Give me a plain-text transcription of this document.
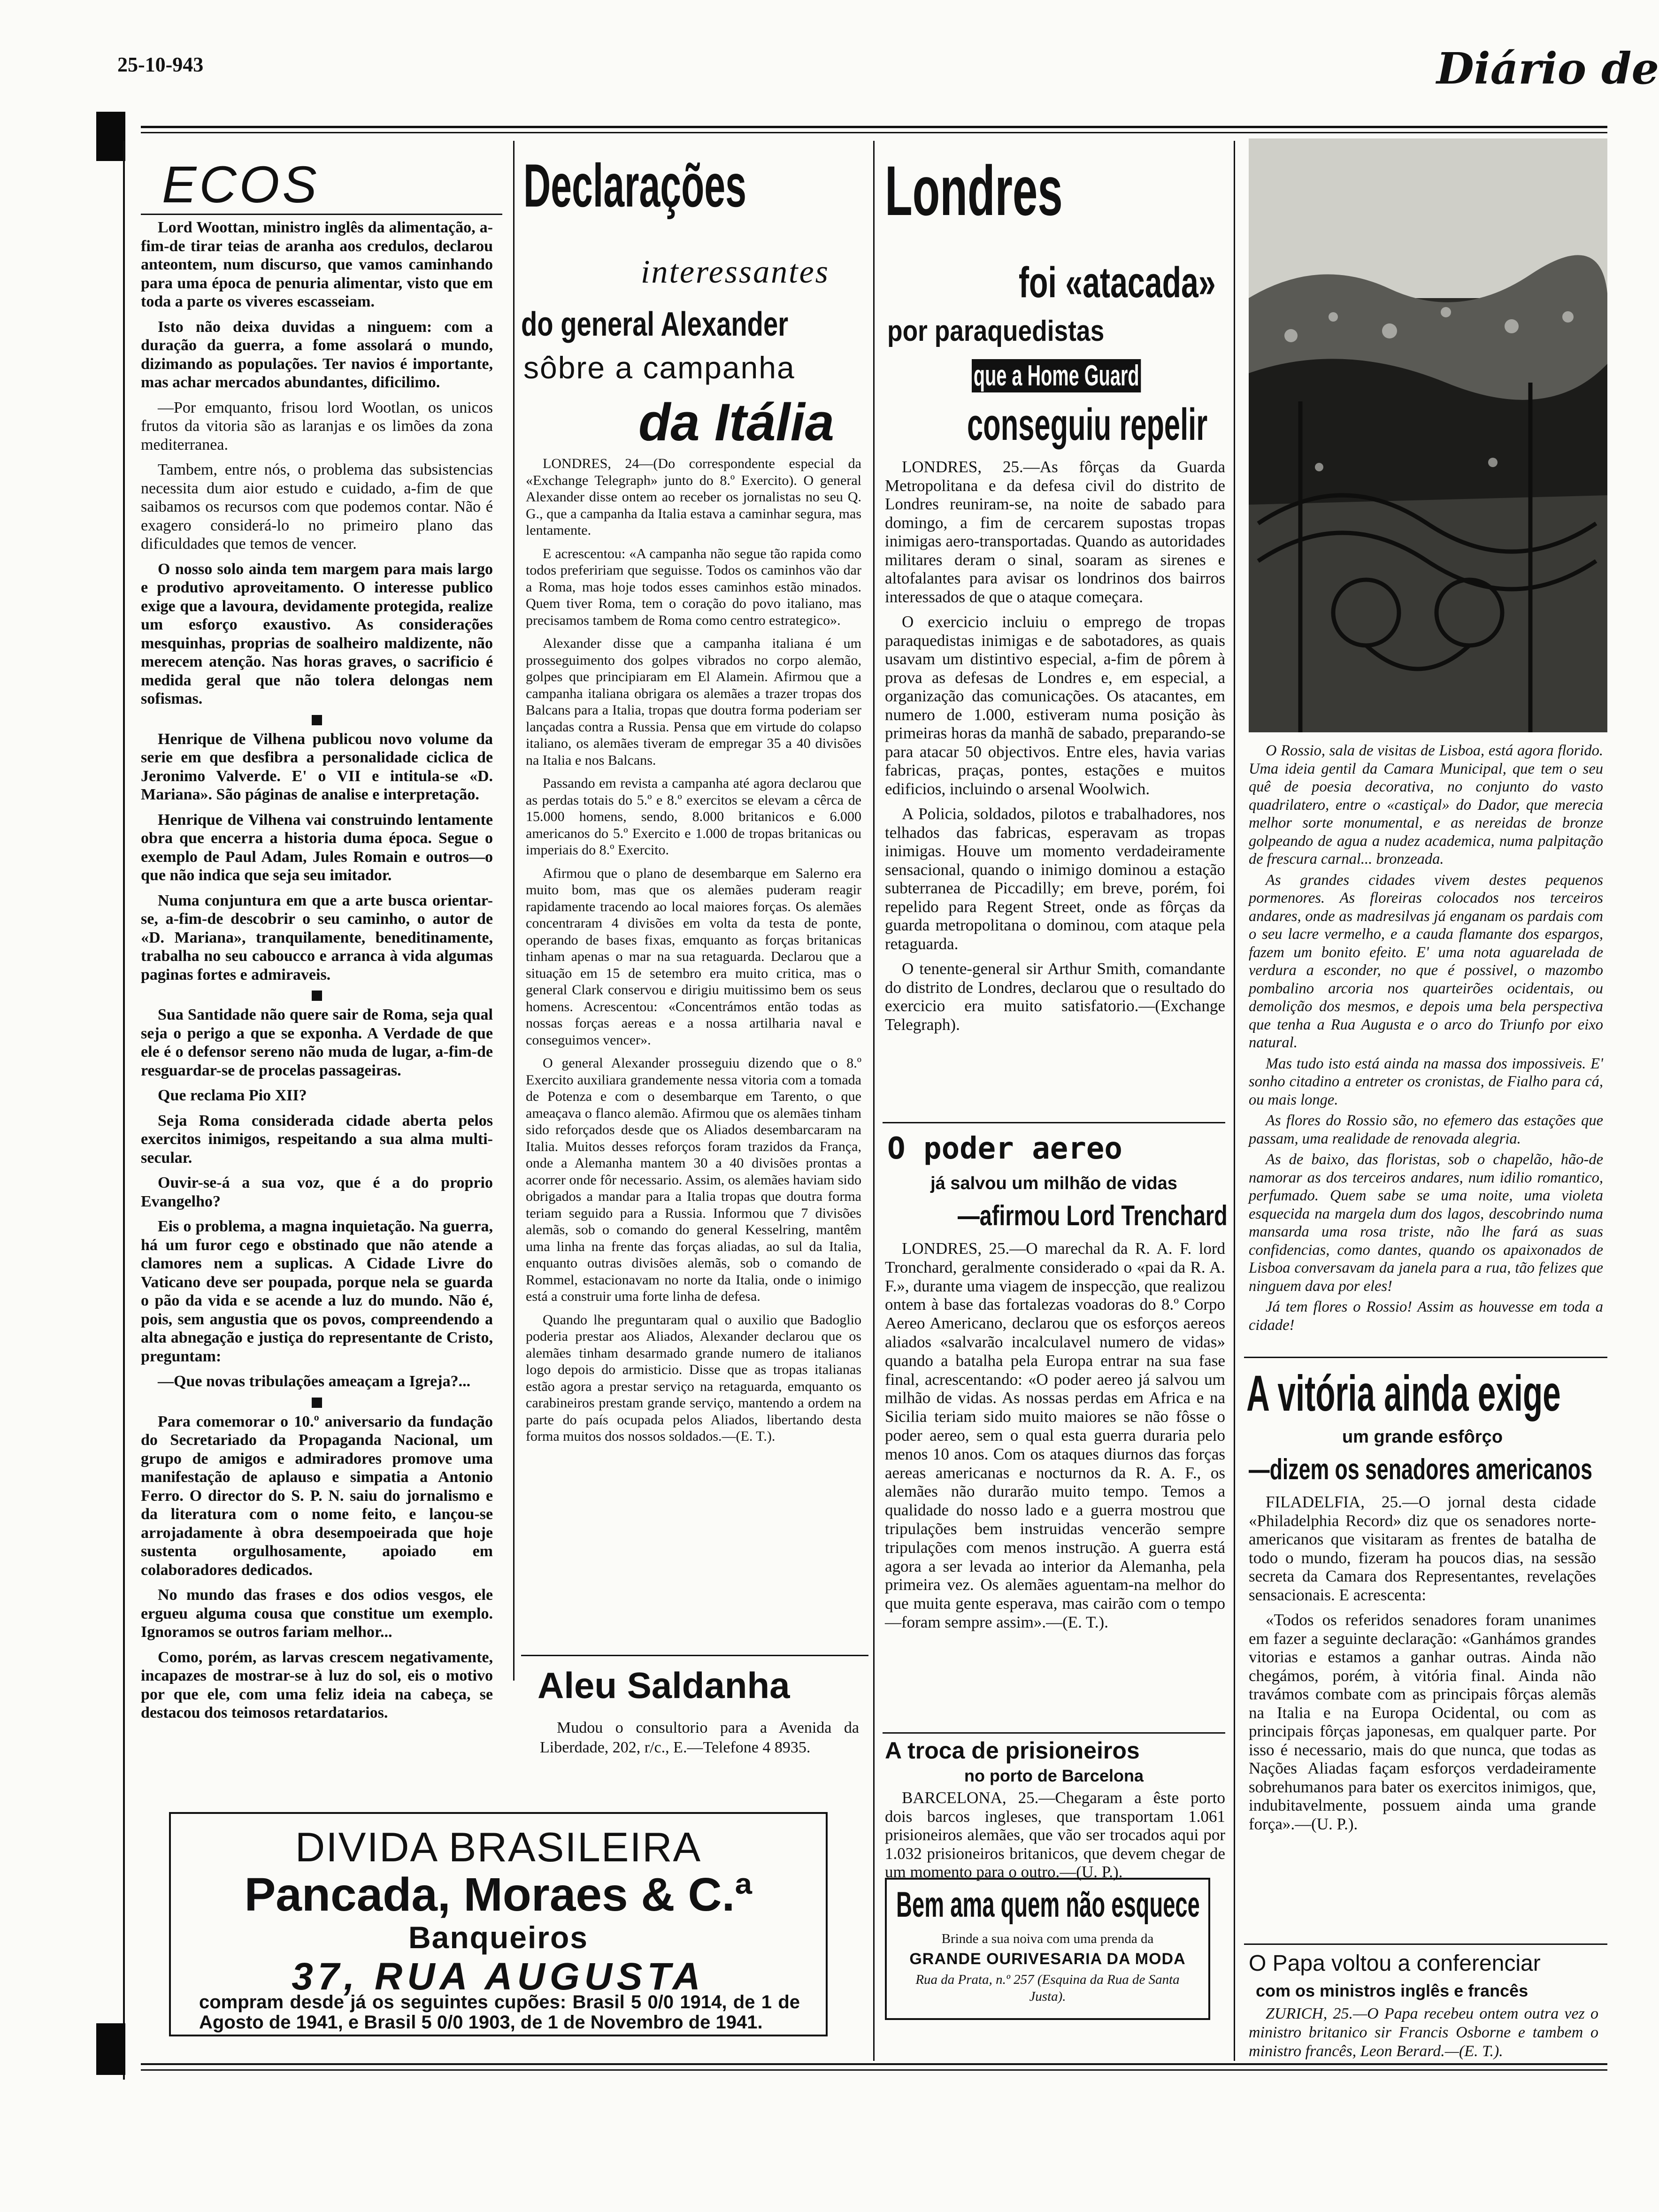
25-10-943	Diário de
ECOS

Lord Woottan, ministro inglês da alimentação, a-fim-de tirar teias de aranha aos credulos, declarou anteontem, num discurso, que vamos caminhando para uma época de penuria alimentar, visto que em toda a parte os viveres escasseiam.

Isto não deixa duvidas a ninguem: com a duração da guerra, a fome assolará o mundo, dizimando as populações. Ter navios é importante, mas achar mercados abundantes, dificilimo.

—Por emquanto, frisou lord Wootlan, os unicos frutos da vitoria são as laranjas e os limões da zona mediterranea.

Tambem, entre nós, o problema das subsistencias necessita dum aior estudo e cuidado, a-fim de que saibamos os recursos com que podemos contar. Não é exagero considerá-lo no primeiro plano das dificuldades que temos de vencer.

O nosso solo ainda tem margem para mais largo e produtivo aproveitamento. O interesse publico exige que a lavoura, devidamente protegida, realize um esforço exaustivo. As considerações mesquinhas, proprias de soalheiro maldizente, não merecem atenção. Nas horas graves, o sacrificio é medida geral que não tolera delongas nem sofismas.

Henrique de Vilhena publicou novo volume da serie em que desfibra a personalidade ciclica de Jeronimo Valverde. E' o VII e intitula-se «D. Mariana». São páginas de analise e interpretação.

Henrique de Vilhena vai construindo lentamente obra que encerra a historia duma época. Segue o exemplo de Paul Adam, Jules Romain e outros—o que não indica que seja seu imitador.

Numa conjuntura em que a arte busca orientar-se, a-fim-de descobrir o seu caminho, o autor de «D. Mariana», tranquilamente, beneditinamente, trabalha no seu caboucco e arranca à vida algumas paginas fortes e admiraveis.

Sua Santidade não quere sair de Roma, seja qual seja o perigo a que se exponha. A Verdade de que ele é o defensor sereno não muda de lugar, a-fim-de resguardar-se de procelas passageiras.

Que reclama Pio XII?

Seja Roma considerada cidade aberta pelos exercitos inimigos, respeitando a sua alma multi-secular.

Ouvir-se-á a sua voz, que é a do proprio Evangelho?

Eis o problema, a magna inquietação. Na guerra, há um furor cego e obstinado que não atende a clamores nem a suplicas. A Cidade Livre do Vaticano deve ser poupada, porque nela se guarda o pão da vida e se acende a luz do mundo. Não é, pois, sem angustia que os povos, compreendendo a alta abnegação e justiça do representante de Cristo, preguntam:

—Que novas tribulações ameaçam a Igreja?...

Para comemorar o 10.º aniversario da fundação do Secretariado da Propaganda Nacional, um grupo de amigos e admiradores promove uma manifestação de aplauso e simpatia a Antonio Ferro. O director do S. P. N. saiu do jornalismo e da literatura com o nome feito, e lançou-se arrojadamente à obra desempoeirada que hoje sustenta orgulhosamente, apoiado em colaboradores dedicados.

No mundo das frases e dos odios vesgos, ele ergueu alguma cousa que constitue um exemplo. Ignoramos se outros fariam melhor...

Como, porém, as larvas crescem negativamente, incapazes de mostrar-se à luz do sol, eis o motivo por que ele, com uma feliz ideia na cabeça, se destacou dos teimosos retardatarios.

Declarações
interessantes
do general Alexander
sôbre a campanha
da Itália

LONDRES, 24—(Do correspondente especial da «Exchange Telegraph» junto do 8.º Exercito). O general Alexander disse ontem ao receber os jornalistas no seu Q. G., que a campanha da Italia estava a caminhar segura, mas lentamente.

E acrescentou: «A campanha não segue tão rapida como todos prefeririam que seguisse. Todos os caminhos vão dar a Roma, mas hoje todos esses caminhos estão minados. Quem tiver Roma, tem o coração do povo italiano, mas precisamos tambem de Roma como centro estrategico».

Alexander disse que a campanha italiana é um prosseguimento dos golpes vibrados no corpo alemão, golpes que principiaram em El Alamein. Afirmou que a campanha italiana obrigara os alemães a trazer tropas dos Balcans para a Italia, tropas que doutra forma poderiam ser lançadas contra a Russia. Pensa que em virtude do colapso italiano, os alemães tiveram de empregar 35 a 40 divisões na Italia e nos Balcans.

Passando em revista a campanha até agora declarou que as perdas totais do 5.º e 8.º exercitos se elevam a cêrca de 15.000 homens, sendo, 8.000 britanicos e 6.000 americanos do 5.º Exercito e 1.000 de tropas britanicas ou imperiais do 8.º Exercito.

Afirmou que o plano de desembarque em Salerno era muito bom, mas que os alemães puderam reagir rapidamente tracendo ao local maiores forças. Os alemães concentraram 4 divisões em volta da testa de ponte, operando de bases fixas, emquanto as forças britanicas tinham apenas o mar na sua retaguarda. Declarou que a situação em 15 de setembro era muito critica, mas o general Clark conservou e dirigiu muitissimo bem os seus homens. Acrescentou: «Concentrámos então todas as nossas forças aereas e a nossa artilharia naval e conseguimos vencer».

O general Alexander prosseguiu dizendo que o 8.º Exercito auxiliara grandemente nessa vitoria com a tomada de Potenza e com o desembarque em Tarento, o que ameaçava o flanco alemão. Afirmou que os alemães tinham sido reforçados desde que os Aliados desembarcaram na Italia. Muitos desses reforços foram trazidos da França, onde a Alemanha mantem 30 a 40 divisões prontas a acorrer onde fôr necessario. Assim, os alemães haviam sido obrigados a mandar para a Italia tropas que doutra forma teriam seguido para a Russia. Informou que 7 divisões alemãs, sob o comando do general Kesselring, mantêm uma linha na frente das forças aliadas, ao sul da Italia, enquanto outras divisões alemãs, sob o comando de Rommel, estacionavam no norte da Italia, onde o inimigo está a construir uma forte linha de defesa.

Quando lhe preguntaram qual o auxilio que Badoglio poderia prestar aos Aliados, Alexander declarou que os alemães tinham desarmado grande numero de italianos logo depois do armisticio. Disse que as tropas italianas estão agora a prestar serviço na retaguarda, emquanto os carabineiros prestam grande serviço, mantendo a ordem na parte do país ocupada pelos Aliados, libertando desta forma muitos dos nossos soldados.—(E. T.).

Aleu Saldanha

Mudou o consultorio para a Avenida da Liberdade, 202, r/c., E.—Telefone 4 8935.

DIVIDA BRASILEIRA
Pancada, Moraes & C.ª
Banqueiros
37, RUA AUGUSTA
compram desde já os seguintes cupões: Brasil 5 0/0 1914, de 1 de Agosto de 1941, e Brasil 5 0/0 1903, de 1 de Novembro de 1941.
Londres
foi «atacada»
por paraquedistas
que a Home Guard
conseguiu repelir

LONDRES, 25.—As fôrças da Guarda Metropolitana e da defesa civil do distrito de Londres reuniram-se, na noite de sabado para domingo, a fim de cercarem supostas tropas inimigas aero-transportadas. Quando as autoridades militares deram o sinal, soaram as sirenes e altofalantes para avisar os londrinos dos bairros interessados de que o ataque começara.

O exercicio incluiu o emprego de tropas paraquedistas inimigas e de sabotadores, as quais usavam um distintivo especial, a-fim de pôrem à prova as defesas de Londres e, em especial, a organização das comunicações. Os atacantes, em numero de 1.000, estiveram numa posição às primeiras horas da manhã de sabado, preparando-se para atacar 50 objectivos. Entre eles, havia varias fabricas, praças, pontes, estações e muitos edificios, incluindo o arsenal Woolwich.

A Policia, soldados, pilotos e trabalhadores, nos telhados das fabricas, esperavam as tropas inimigas. Houve um momento verdadeiramente sensacional, quando o inimigo dominou a estação subterranea de Piccadilly; em breve, porém, foi repelido para Regent Street, onde as fôrças da guarda metropolitana o dominou, com ataque pela retaguarda.

O tenente-general sir Arthur Smith, comandante do distrito de Londres, declarou que o resultado do exercicio era muito satisfatorio.—(Exchange Telegraph).

O poder aereo
já salvou um milhão de vidas
—afirmou Lord Trenchard

LONDRES, 25.—O marechal da R. A. F. lord Tronchard, geralmente considerado o «pai da R. A. F.», durante uma viagem de inspecção, que realizou ontem à base das fortalezas voadoras do 8.º Corpo Aereo Americano, declarou que os esforços aereos aliados «salvarão incalculavel numero de vidas» quando a batalha pela Europa entrar na sua fase final, acrescentando: «O poder aereo já salvou um milhão de vidas. As nossas perdas em Africa e na Sicilia teriam sido muito maiores se não fôsse o poder aereo, sem o qual esta guerra duraria pelo menos 10 anos. Com os ataques diurnos das forças aereas americanas e nocturnos da R. A. F., os alemães não durarão muito tempo. Temos a qualidade do nosso lado e a guerra mostrou que tripulações bem instruidas vencerão sempre tripulações com menos instrução. A guerra está agora a ser levada ao interior da Alemanha, pela primeira vez. Os alemães aguentam-na melhor do que muita gente esperava, mas cairão com o tempo—foram sempre assim».—(E. T.).

A troca de prisioneiros
no porto de Barcelona

BARCELONA, 25.—Chegaram a êste porto dois barcos ingleses, que transportam 1.061 prisioneiros alemães, que vão ser trocados aqui por 1.032 prisioneiros britanicos, que devem chegar de um momento para o outro.—(U. P.).

Bem ama quem não esquece
Brinde a sua noiva com uma prenda da
GRANDE OURIVESARIA DA MODA
Rua da Prata, n.º 257 (Esquina da Rua de Santa Justa).

O Rossio, sala de visitas de Lisboa, está agora florido. Uma ideia gentil da Camara Municipal, que tem o seu quê de poesia decorativa, no conjunto do vasto quadrilatero, entre o «castiçal» do Dador, que merecia melhor sorte monumental, e as nereidas de bronze golpeando de agua a nudez academica, numa palpitação de frescura carnal... bronzeada.

As grandes cidades vivem destes pequenos pormenores. As floreiras colocados nos terceiros andares, onde as madresilvas já enganam os pardais com o seu lacre vermelho, e a cauda flamante dos espargos, fazem um bonito efeito. E' uma nota aguarelada de verdura a esconder, no que é possivel, o mazombo pombalino arcoria nos quarteirões ocidentais, ou demolição dos mesmos, e depois uma bela perspectiva que tenha a Rua Augusta e o arco do Triunfo por eixo natural.

Mas tudo isto está ainda na massa dos impossiveis. E' sonho citadino a entreter os cronistas, de Fialho para cá, ou mais longe.

As flores do Rossio são, no efemero das estações que passam, uma realidade de renovada alegria.

As de baixo, das floristas, sob o chapelão, hão-de namorar as dos terceiros andares, num idilio romantico, perfumado. Quem sabe se uma noite, uma violeta esquecida na margela dum dos lagos, descobrindo numa mansarda uma rosa triste, não lhe fará as suas confidencias, como dantes, quando os apaixonados de Lisboa conversavam da janela para a rua, tão felizes que ninguem dava por eles!

Já tem flores o Rossio! Assim as houvesse em toda a cidade!

A vitória ainda exige
um grande esfôrço
—dizem os senadores americanos

FILADELFIA, 25.—O jornal desta cidade «Philadelphia Record» diz que os senadores norte-americanos que visitaram as frentes de batalha de todo o mundo, fizeram ha poucos dias, na sessão secreta da Camara dos Representantes, revelações sensacionais. E acrescenta:

«Todos os referidos senadores foram unanimes em fazer a seguinte declaração: «Ganhámos grandes vitorias e estamos a ganhar outras. Ainda não chegámos, porém, à vitória final. Ainda não travámos combate com as principais fôrças alemãs na Italia e na Europa Ocidental, ou com as principais fôrças japonesas, em qualquer parte. Por isso é necessario, mais do que nunca, que todas as Nações Aliadas façam esforços verdadeiramente sobrehumanos para bater os exercitos inimigos, que, indubitavelmente, possuem ainda uma grande força».—(U. P.).

O Papa voltou a conferenciar
com os ministros inglês e francês

ZURICH, 25.—O Papa recebeu ontem outra vez o ministro britanico sir Francis Osborne e tambem o ministro francês, Leon Berard.—(E. T.).
